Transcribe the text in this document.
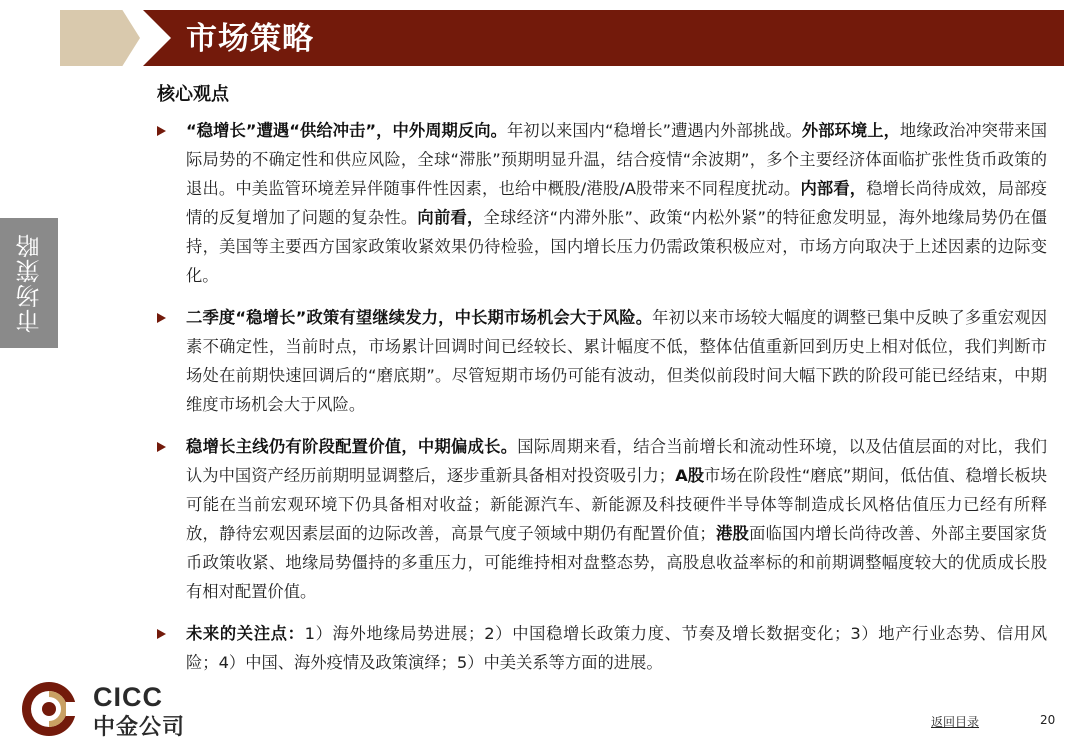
市场策略
市场策略
核心观点
“稳增长”遭遇“供给冲击”，中外周期反向。年初以来国内“稳增长”遭遇内外部挑战。外部环境上，地缘政治冲突带来国际局势的不确定性和供应风险，全球“滞胀”预期明显升温，结合疫情“余波期”，多个主要经济体面临扩张性货币政策的退出。中美监管环境差异伴随事件性因素，也给中概股/港股/A股带来不同程度扰动。内部看，稳增长尚待成效，局部疫情的反复增加了问题的复杂性。向前看，全球经济“内滞外胀”、政策“内松外紧”的特征愈发明显，海外地缘局势仍在僵持，美国等主要西方国家政策收紧效果仍待检验，国内增长压力仍需政策积极应对，市场方向取决于上述因素的边际变化。
二季度“稳增长”政策有望继续发力，中长期市场机会大于风险。年初以来市场较大幅度的调整已集中反映了多重宏观因素不确定性，当前时点，市场累计回调时间已经较长、累计幅度不低，整体估值重新回到历史上相对低位，我们判断市场处在前期快速回调后的“磨底期”。尽管短期市场仍可能有波动，但类似前段时间大幅下跌的阶段可能已经结束，中期维度市场机会大于风险。
稳增长主线仍有阶段配置价值，中期偏成长。国际周期来看，结合当前增长和流动性环境，以及估值层面的对比，我们认为中国资产经历前期明显调整后，逐步重新具备相对投资吸引力；A股市场在阶段性“磨底”期间，低估值、稳增长板块可能在当前宏观环境下仍具备相对收益；新能源汽车、新能源及科技硬件半导体等制造成长风格估值压力已经有所释放，静待宏观因素层面的边际改善，高景气度子领域中期仍有配置价值；港股面临国内增长尚待改善、外部主要国家货币政策收紧、地缘局势僵持的多重压力，可能维持相对盘整态势，高股息收益率标的和前期调整幅度较大的优质成长股有相对配置价值。
未来的关注点：1）海外地缘局势进展；2）中国稳增长政策力度、节奏及增长数据变化；3）地产行业态势、信用风险；4）中国、海外疫情及政策演绎；5）中美关系等方面的进展。
CICC
中金公司	返回目录	20
